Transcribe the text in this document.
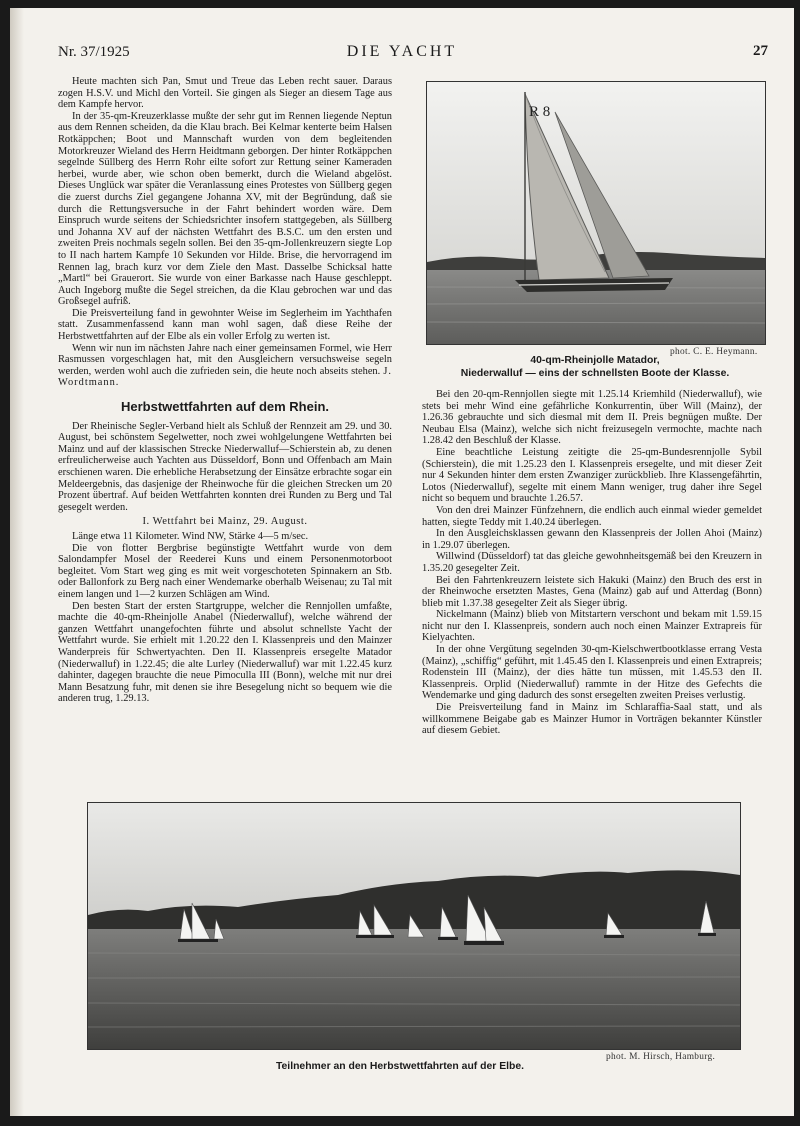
Nr. 37/1925	DIE YACHT	27

Heute machten sich Pan, Smut und Treue das Leben recht sauer. Daraus zogen H.S.V. und Michl den Vorteil. Sie gingen als Sieger an diesem Tage aus dem Kampfe hervor.

In der 35-qm-Kreuzerklasse mußte der sehr gut im Rennen liegende Neptun aus dem Rennen scheiden, da die Klau brach. Bei Kelmar kenterte beim Halsen Rotkäppchen; Boot und Mannschaft wurden von dem begleitenden Motorkreuzer Wieland des Herrn Heidtmann geborgen. Der hinter Rotkäppchen segelnde Süllberg des Herrn Rohr eilte sofort zur Rettung seiner Kameraden herbei, wurde aber, wie schon oben bemerkt, durch die Wieland abgelöst. Dieses Unglück war später die Veranlassung eines Protestes von Süllberg gegen die zuerst durchs Ziel gegangene Johanna XV, mit der Begründung, daß sie durch die Rettungsversuche in der Fahrt behindert worden wäre. Dem Einspruch wurde seitens der Schiedsrichter insofern stattgegeben, als Süllberg und Johanna XV auf der nächsten Wettfahrt des B.S.C. um den ersten und zweiten Preis nochmals segeln sollen. Bei den 35-qm-Jollenkreuzern siegte Lop to II nach hartem Kampfe 10 Sekunden vor Hilde. Brise, die hervorragend im Rennen lag, brach kurz vor dem Ziele den Mast. Dasselbe Schicksal hatte „Martl“ bei Grauerort. Sie wurde von einer Barkasse nach Hause geschleppt. Auch Ingeborg mußte die Segel streichen, da die Klau gebrochen war und das Großsegel aufriß.

Die Preisverteilung fand in gewohnter Weise im Seglerheim im Yachthafen statt. Zusammenfassend kann man wohl sagen, daß diese Reihe der Herbstwettfahrten auf der Elbe als ein voller Erfolg zu werten ist.

Wenn wir nun im nächsten Jahre nach einer gemeinsamen Formel, wie Herr Rasmussen vorgeschlagen hat, mit den Ausgleichern versuchsweise segeln werden, werden wohl auch die zufrieden sein, die heute noch abseits stehen. J. Wordtmann.

Herbstwettfahrten auf dem Rhein.

Der Rheinische Segler-Verband hielt als Schluß der Rennzeit am 29. und 30. August, bei schönstem Segelwetter, noch zwei wohlgelungene Wettfahrten bei Mainz und auf der klassischen Strecke Niederwalluf—Schierstein ab, zu denen erfreulicherweise auch Yachten aus Düsseldorf, Bonn und Offenbach am Main erschienen waren. Die erhebliche Herabsetzung der Einsätze erbrachte sogar ein Meldeergebnis, das dasjenige der Rheinwoche für die gleichen Strecken um 20 Prozent übertraf. Auf beiden Wettfahrten konnten drei Runden zu Berg und Tal gesegelt werden.

I. Wettfahrt bei Mainz, 29. August.

Länge etwa 11 Kilometer. Wind NW, Stärke 4—5 m/sec.

Die von flotter Bergbrise begünstigte Wettfahrt wurde von dem Salondampfer Mosel der Reederei Kuns und einem Personenmotorboot begleitet. Vom Start weg ging es mit weit vorgeschoteten Spinnakern an Stb. oder Ballonfork zu Berg nach einer Wendemarke oberhalb Weisenau; zu Tal mit einem langen und 1—2 kurzen Schlägen am Wind.

Den besten Start der ersten Startgruppe, welcher die Rennjollen umfaßte, machte die 40-qm-Rheinjolle Anabel (Niederwalluf), welche während der ganzen Wettfahrt unangefochten führte und absolut schnellste Yacht der Wettfahrt wurde. Sie erhielt mit 1.20.22 den I. Klassenpreis und den Mainzer Wanderpreis für Schwertyachten. Den II. Klassenpreis ersegelte Matador (Niederwalluf) in 1.22.45; die alte Lurley (Niederwalluf) war mit 1.22.45 kurz dahinter, dagegen brauchte die neue Pimoculla III (Bonn), welche mit nur drei Mann Besatzung fuhr, mit denen sie ihre Besegelung nicht so bequem wie die anderen trug, 1.29.13.

R 8
phot. C. E. Heymann.
40-qm-Rheinjolle Matador,
Niederwalluf — eins der schnellsten Boote der Klasse.

Bei den 20-qm-Rennjollen siegte mit 1.25.14 Kriemhild (Niederwalluf), wie stets bei mehr Wind eine gefährliche Konkurrentin, über Will (Mainz), der 1.26.36 gebrauchte und sich diesmal mit dem II. Preis begnügen mußte. Der Neubau Elsa (Mainz), welche sich nicht freizusegeln vermochte, machte nach 1.28.42 den Beschluß der Klasse.

Eine beachtliche Leistung zeitigte die 25-qm-Bundesrennjolle Sybil (Schierstein), die mit 1.25.23 den I. Klassenpreis ersegelte, und mit dieser Zeit nur 4 Sekunden hinter dem ersten Zwanziger zurückblieb. Ihre Klassengefährtin, Lotos (Niederwalluf), segelte mit einem Mann weniger, trug daher ihre Segel nicht so bequem und brauchte 1.26.57.

Von den drei Mainzer Fünfzehnern, die endlich auch einmal wieder gemeldet hatten, siegte Teddy mit 1.40.24 überlegen.

In den Ausgleichsklassen gewann den Klassenpreis der Jollen Ahoi (Mainz) in 1.29.07 überlegen.

Willwind (Düsseldorf) tat das gleiche gewohnheitsgemäß bei den Kreuzern in 1.35.20 gesegelter Zeit.

Bei den Fahrtenkreuzern leistete sich Hakuki (Mainz) den Bruch des erst in der Rheinwoche ersetzten Mastes, Gena (Mainz) gab auf und Atterdag (Bonn) blieb mit 1.37.38 gesegelter Zeit als Sieger übrig.

Nickelmann (Mainz) blieb von Mitstartern verschont und bekam mit 1.59.15 nicht nur den I. Klassenpreis, sondern auch noch einen Mainzer Extrapreis für Kielyachten.

In der ohne Vergütung segelnden 30-qm-Kielschwertbootklasse errang Vesta (Mainz), „schiffig“ geführt, mit 1.45.45 den I. Klassenpreis und einen Extrapreis; Rodenstein III (Mainz), der dies hätte tun müssen, mit 1.45.53 den II. Klassenpreis. Orplid (Niederwalluf) rammte in der Hitze des Gefechts die Wendemarke und ging dadurch des sonst ersegelten zweiten Preises verlustig.

Die Preisverteilung fand in Mainz im Schlaraffia-Saal statt, und als willkommene Beigabe gab es Mainzer Humor in Vorträgen bekannter Künstler auf diesem Gebiet.

phot. M. Hirsch, Hamburg.
Teilnehmer an den Herbstwettfahrten auf der Elbe.
